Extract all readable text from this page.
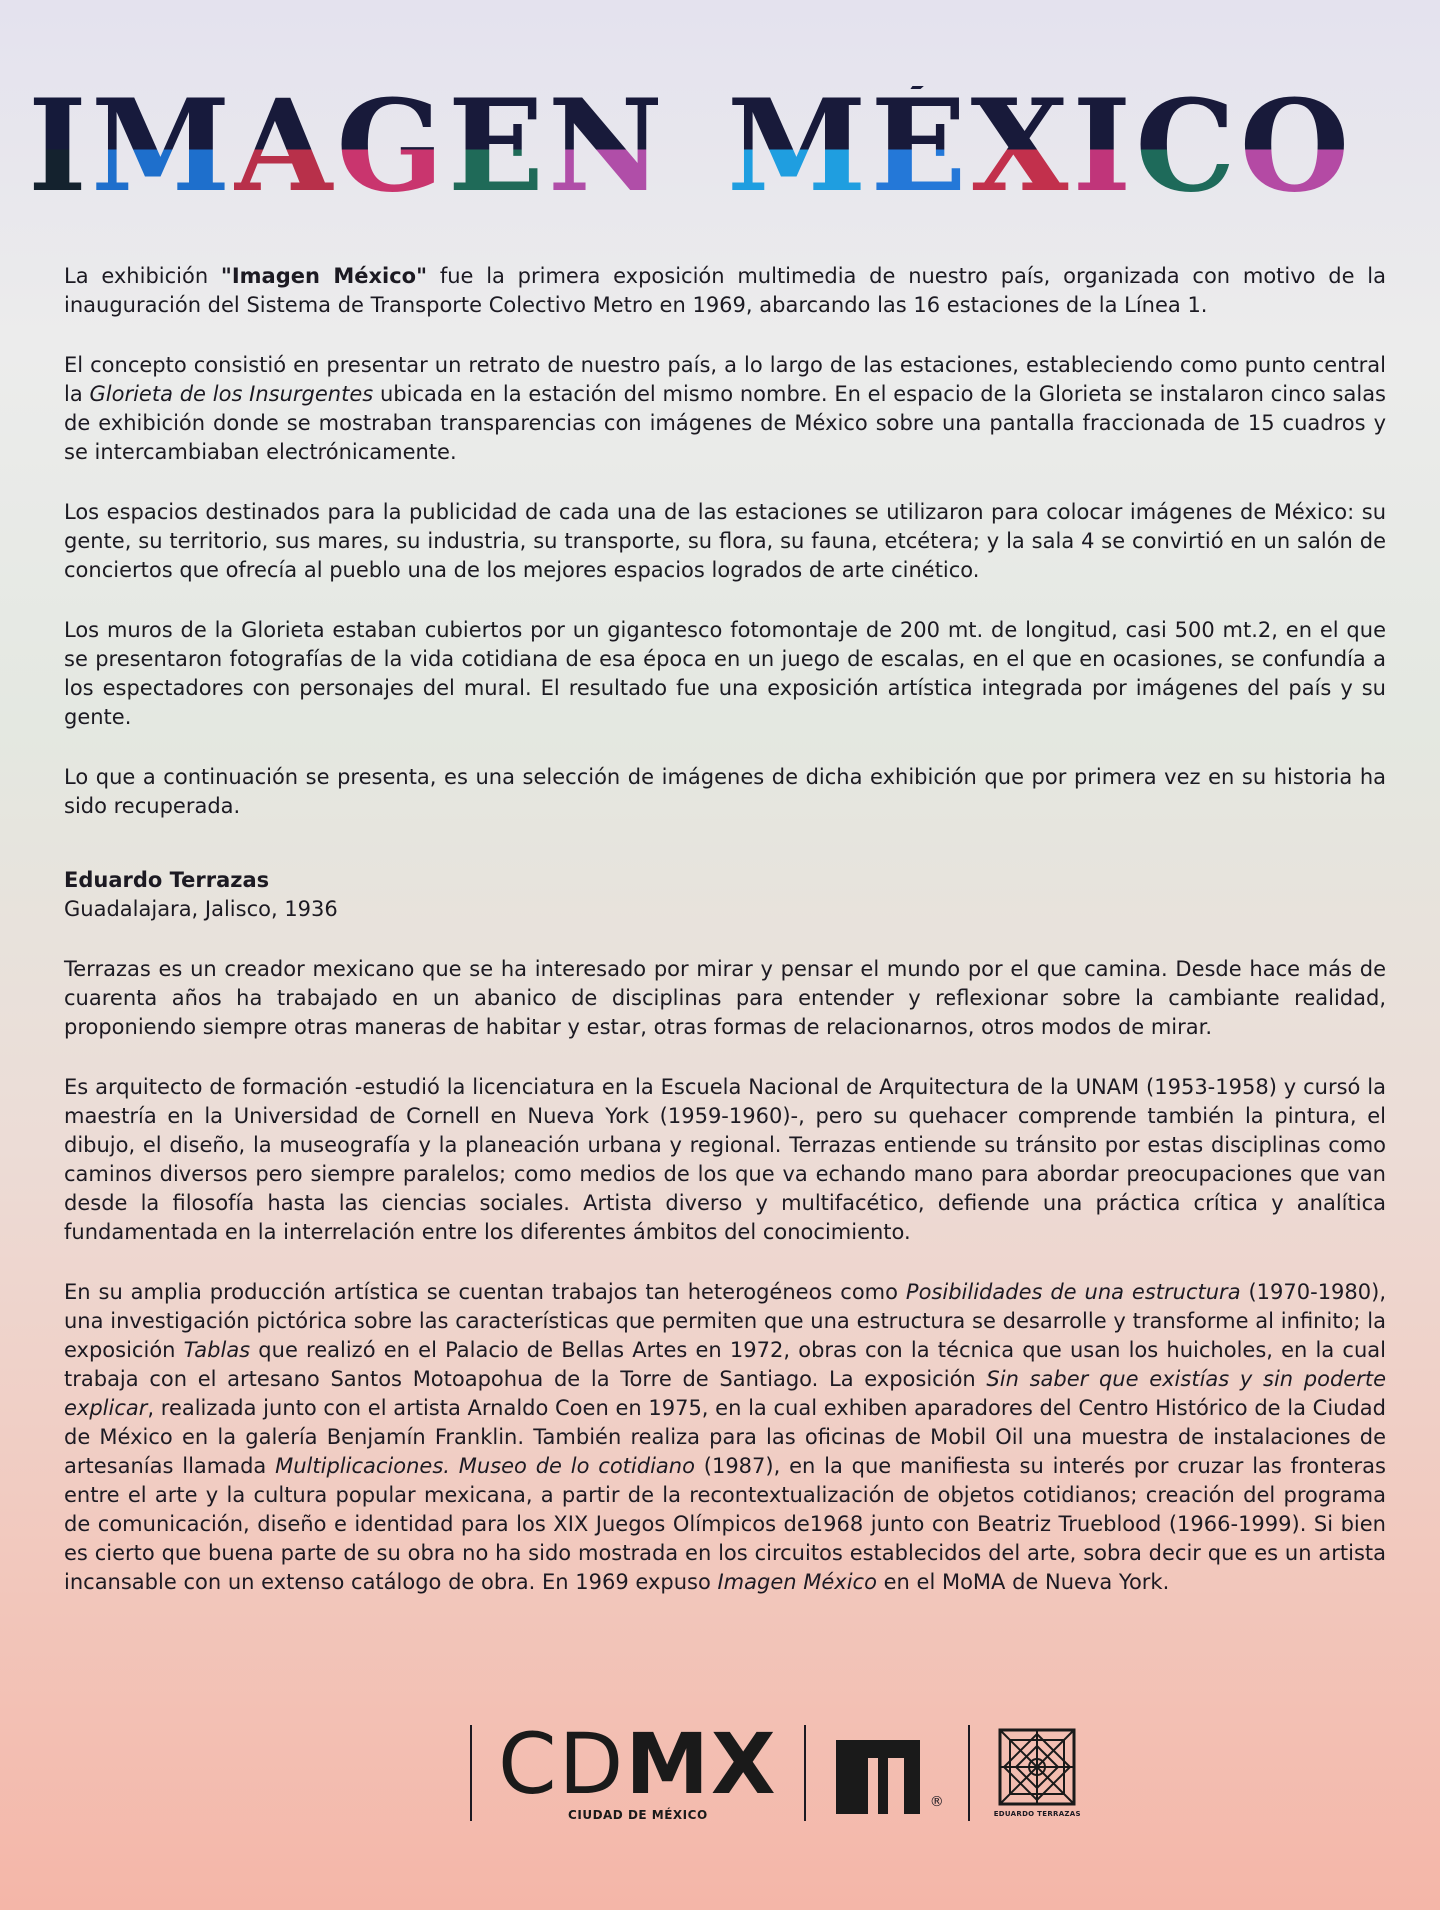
IMAGEN MÉXICO

La exhibición "Imagen México" fue la primera exposición multimedia de nuestro país, organizada con motivo de la inauguración del Sistema de Transporte Colectivo Metro en 1969, abarcando las 16 estaciones de la Línea 1.

El concepto consistió en presentar un retrato de nuestro país, a lo largo de las estaciones, estableciendo como punto central la Glorieta de los Insurgentes ubicada en la estación del mismo nombre. En el espacio de la Glorieta se instalaron cinco salas de exhibición donde se mostraban transparencias con imágenes de México sobre una pantalla fraccionada de 15 cuadros y se intercambiaban electrónicamente.

Los espacios destinados para la publicidad de cada una de las estaciones se utilizaron para colocar imágenes de México: su gente, su territorio, sus mares, su industria, su transporte, su flora, su fauna, etcétera; y la sala 4 se convirtió en un salón de conciertos que ofrecía al pueblo una de los mejores espacios logrados de arte cinético.

Los muros de la Glorieta estaban cubiertos por un gigantesco fotomontaje de 200 mt. de longitud, casi 500 mt.2, en el que se presentaron fotografías de la vida cotidiana de esa época en un juego de escalas, en el que en ocasiones, se confundía a los espectadores con personajes del mural. El resultado fue una exposición artística integrada por imágenes del país y su gente.

Lo que a continuación se presenta, es una selección de imágenes de dicha exhibición que por primera vez en su historia ha sido recuperada.

Eduardo Terrazas
Guadalajara, Jalisco, 1936

Terrazas es un creador mexicano que se ha interesado por mirar y pensar el mundo por el que camina. Desde hace más de cuarenta años ha trabajado en un abanico de disciplinas para entender y reflexionar sobre la cambiante realidad, proponiendo siempre otras maneras de habitar y estar, otras formas de relacionarnos, otros modos de mirar.

Es arquitecto de formación -estudió la licenciatura en la Escuela Nacional de Arquitectura de la UNAM (1953-1958) y cursó la maestría en la Universidad de Cornell en Nueva York (1959-1960)-, pero su quehacer comprende también la pintura, el dibujo, el diseño, la museografía y la planeación urbana y regional. Terrazas entiende su tránsito por estas disciplinas como caminos diversos pero siempre paralelos; como medios de los que va echando mano para abordar preocupaciones que van desde la filosofía hasta las ciencias sociales. Artista diverso y multifacético, defiende una práctica crítica y analítica fundamentada en la interrelación entre los diferentes ámbitos del conocimiento.

En su amplia producción artística se cuentan trabajos tan heterogéneos como Posibilidades de una estructura (1970-1980), una investigación pictórica sobre las características que permiten que una estructura se desarrolle y transforme al infinito; la exposición Tablas que realizó en el Palacio de Bellas Artes en 1972, obras con la técnica que usan los huicholes, en la cual trabaja con el artesano Santos Motoapohua de la Torre de Santiago. La exposición Sin saber que existías y sin poderte explicar, realizada junto con el artista Arnaldo Coen en 1975, en la cual exhiben aparadores del Centro Histórico de la Ciudad de México en la galería Benjamín Franklin. También realiza para las oficinas de Mobil Oil una muestra de instalaciones de artesanías llamada Multiplicaciones. Museo de lo cotidiano (1987), en la que manifiesta su interés por cruzar las fronteras entre el arte y la cultura popular mexicana, a partir de la recontextualización de objetos cotidianos; creación del programa de comunicación, diseño e identidad para los XIX Juegos Olímpicos de1968 junto con Beatriz Trueblood (1966-1999). Si bien es cierto que buena parte de su obra no ha sido mostrada en los circuitos establecidos del arte, sobra decir que es un artista incansable con un extenso catálogo de obra. En 1969 expuso Imagen México en el MoMA de Nueva York.

CDMX
CIUDAD DE MÉXICO
®
EDUARDO TERRAZAS
